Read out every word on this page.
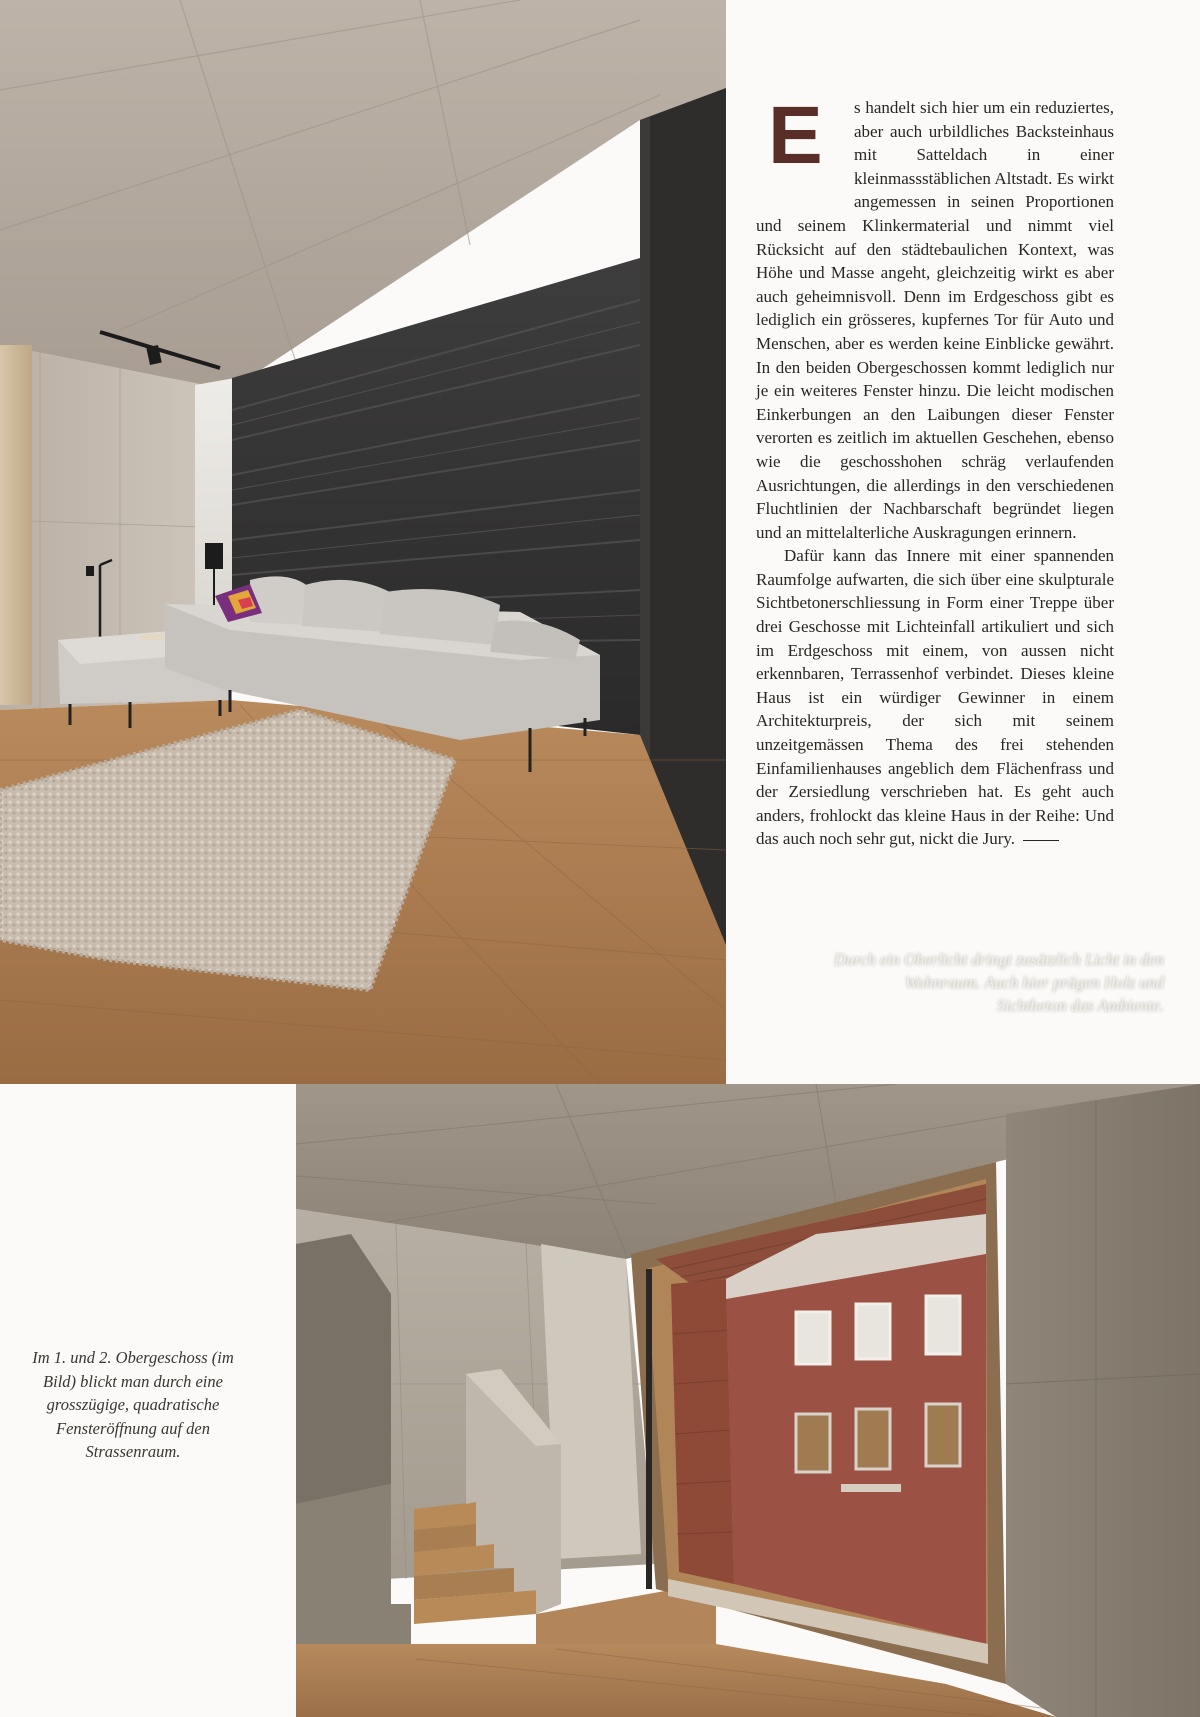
Durch ein Oberlicht dringt zusätzlich Licht in den Wohnraum. Auch hier prägen Holz und Sichtbeton das Ambiente.

E	s handelt sich hier um ein reduziertes, aber auch urbildliches Backsteinhaus mit Satteldach in einer kleinmassstäblichen Altstadt. Es wirkt angemessen in seinen Proportionen und seinem Klinkermaterial und nimmt viel Rücksicht auf den städtebaulichen Kontext, was Höhe und Masse angeht, gleichzeitig wirkt es aber auch geheimnisvoll. Denn im Erdgeschoss gibt es lediglich ein grösseres, kupfernes Tor für Auto und Menschen, aber es werden keine Einblicke gewährt. In den beiden Obergeschossen kommt lediglich nur je ein weiteres Fenster hinzu. Die leicht modischen Einkerbungen an den Laibungen dieser Fenster verorten es zeitlich im aktuellen Geschehen, ebenso wie die geschosshohen schräg verlaufenden Ausrichtungen, die allerdings in den verschiedenen Fluchtlinien der Nachbarschaft begründet liegen und an mittelalterliche Auskragungen erinnern.

Dafür kann das Innere mit einer spannenden Raumfolge aufwarten, die sich über eine skulpturale Sichtbetonerschliessung in Form einer Treppe über drei Geschosse mit Lichteinfall artikuliert und sich im Erdgeschoss mit einem, von aussen nicht erkennbaren, Terrassenhof verbindet. Dieses kleine Haus ist ein würdiger Gewinner in einem Architekturpreis, der sich mit seinem unzeitgemässen Thema des frei stehenden Einfamilienhauses angeblich dem Flächenfrass und der Zersiedlung verschrieben hat. Es geht auch anders, frohlockt das kleine Haus in der Reihe: Und das auch noch sehr gut, nickt die Jury.

Im 1. und 2. Obergeschoss (im Bild) blickt man durch eine grosszügige, quadratische Fensteröffnung auf den Strassenraum.
